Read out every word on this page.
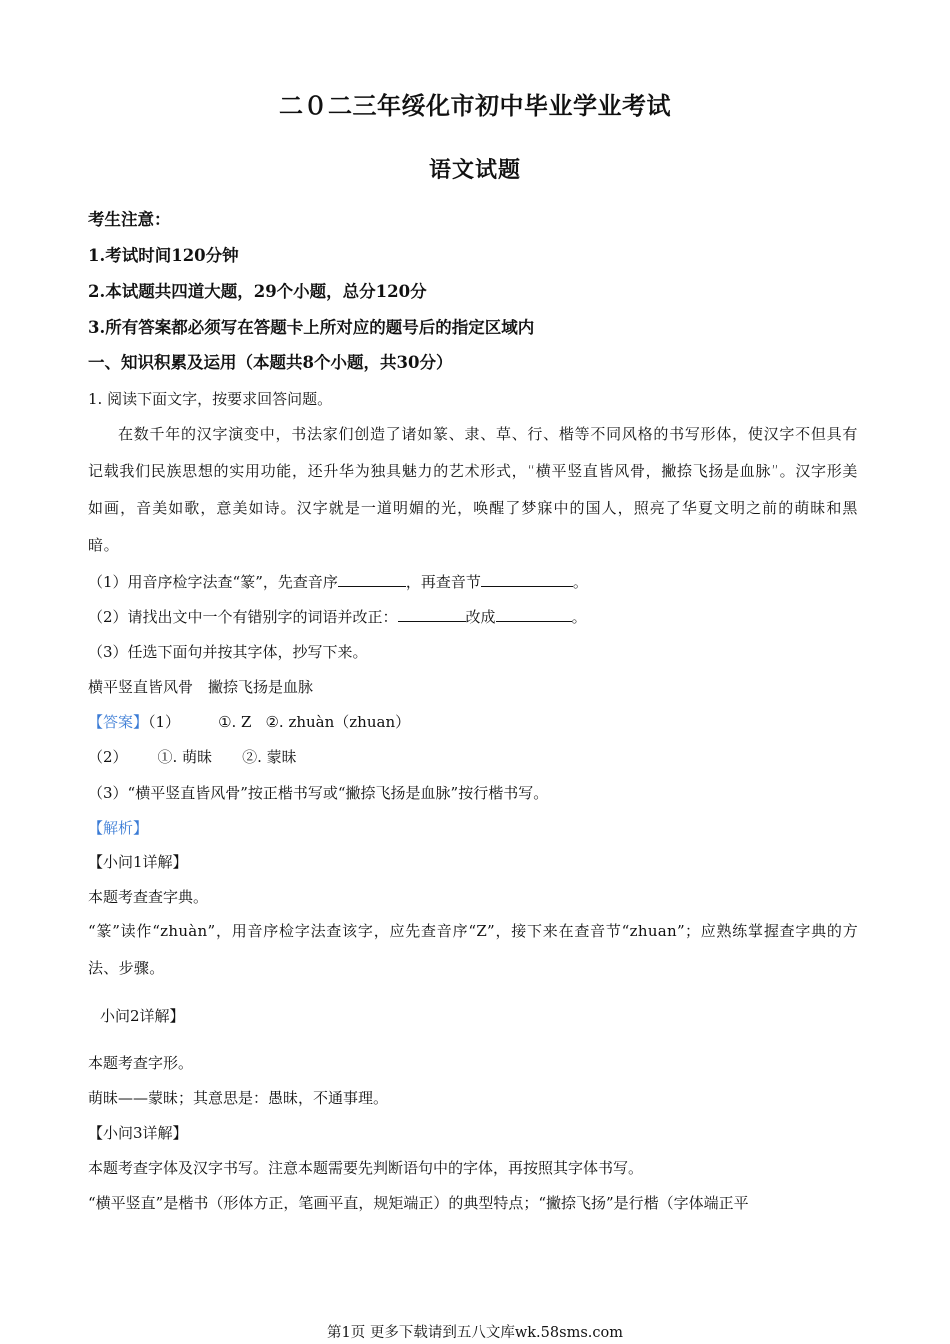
二０二三年绥化市初中毕业学业考试
语文试题
考生注意：
1.考试时间120分钟
2.本试题共四道大题，29个小题，总分120分
3.所有答案都必须写在答题卡上所对应的题号后的指定区域内
一、知识积累及运用（本题共8个小题，共30分）
1. 阅读下面文字，按要求回答问题。
在数千年的汉字演变中，书法家们创造了诸如篆、隶、草、行、楷等不同风格的书写形体，使汉字不但具有记载我们民族思想的实用功能，还升华为独具魅力的艺术形式，“横平竖直皆风骨，撇捺飞扬是血脉”。汉字形美如画，音美如歌，意美如诗。汉字就是一道明媚的光，唤醒了梦寐中的国人，照亮了华夏文明之前的萌昧和黑暗。
（1）用音序检字法查“篆”，先查音序	，再查音节	。
（2）请找出文中一个有错别字的词语并改正：	改成	。
（3）任选下面句并按其字体，抄写下来。
横平竖直皆风骨　撇捺飞扬是血脉
【答案】（1）	①. Z ②. zhuàn（zhuan）
（2） ①. 萌昧 ②. 蒙昧
（3）“横平竖直皆风骨”按正楷书写或“撇捺飞扬是血脉”按行楷书写。
【解析】
【小问1详解】
本题考查查字典。
“篆”读作“zhuàn”，用音序检字法查该字，应先查音序“Z”，接下来在查音节“zhuan”；应熟练掌握查字典的方法、步骤。
小问2详解】
本题考查字形。
萌昧——蒙昧；其意思是：愚昧，不通事理。
【小问3详解】
本题考查字体及汉字书写。注意本题需要先判断语句中的字体，再按照其字体书写。
“横平竖直”是楷书（形体方正，笔画平直，规矩端正）的典型特点；“撇捺飞扬”是行楷（字体端正平
第1页 更多下载请到五八文库wk.58sms.com
